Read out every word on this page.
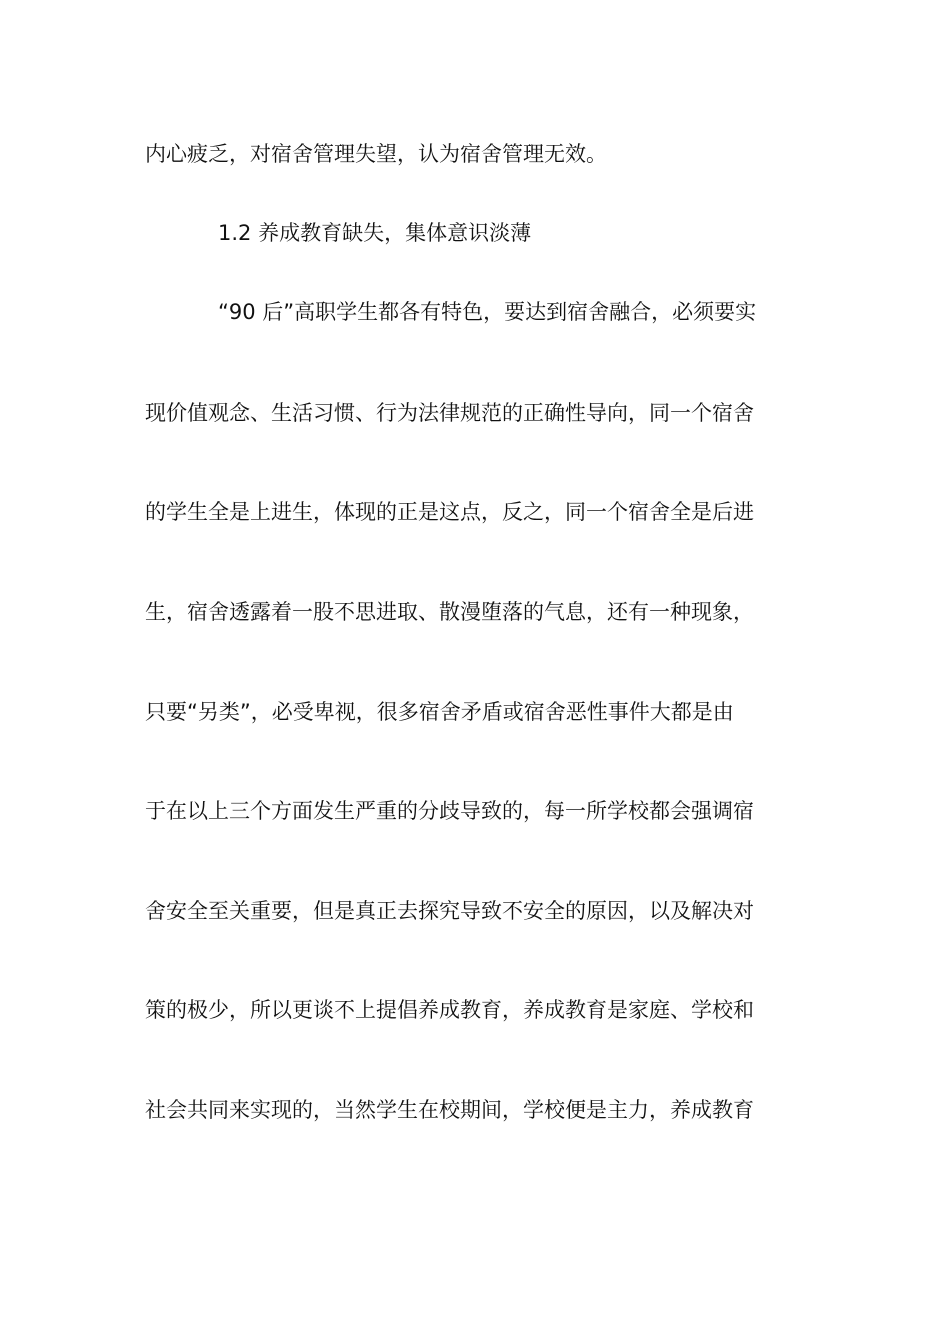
内心疲乏，对宿舍管理失望，认为宿舍管理无效。
1.2 养成教育缺失，集体意识淡薄
“90 后”高职学生都各有特色，要达到宿舍融合，必须要实
现价值观念、生活习惯、行为法律规范的正确性导向，同一个宿舍
的学生全是上进生，体现的正是这点，反之，同一个宿舍全是后进
生，宿舍透露着一股不思进取、散漫堕落的气息，还有一种现象，
只要“另类”，必受卑视，很多宿舍矛盾或宿舍恶性事件大都是由
于在以上三个方面发生严重的分歧导致的，每一所学校都会强调宿
舍安全至关重要，但是真正去探究导致不安全的原因，以及解决对
策的极少，所以更谈不上提倡养成教育，养成教育是家庭、学校和
社会共同来实现的，当然学生在校期间，学校便是主力，养成教育
